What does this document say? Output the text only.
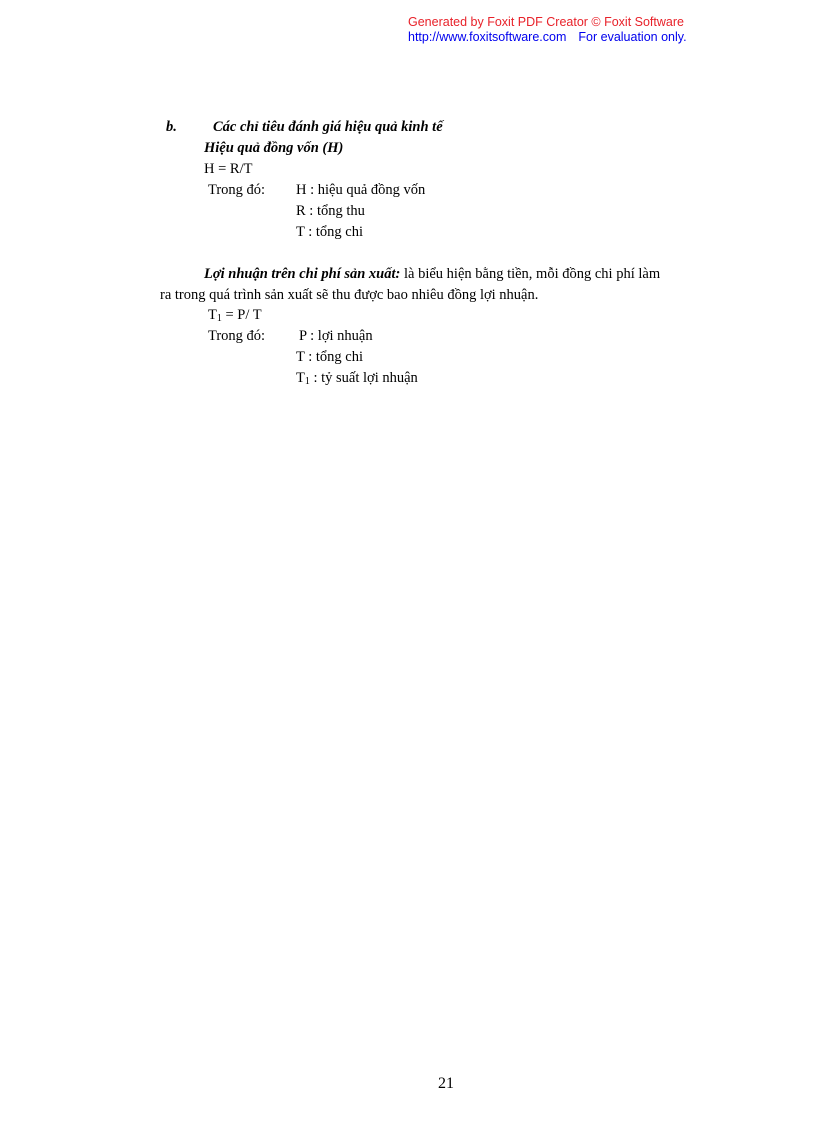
Generated by Foxit PDF Creator © Foxit Software
http://www.foxitsoftware.com For evaluation only.
b. Các chỉ tiêu đánh giá hiệu quả kinh tế
Hiệu quả đồng vốn (H)
H = R/T
Trong đó: H : hiệu quả đồng vốn
R : tổng thu
T : tổng chi
Lợi nhuận trên chi phí sản xuất: là biểu hiện bằng tiền, mỗi đồng chi phí làm
ra trong quá trình sản xuất sẽ thu được bao nhiêu đồng lợi nhuận.
$T_1 = P/$ T
Trong đó: P : lợi nhuận
T : tổng chi
$T_1$ : tỷ suất lợi nhuận
21
